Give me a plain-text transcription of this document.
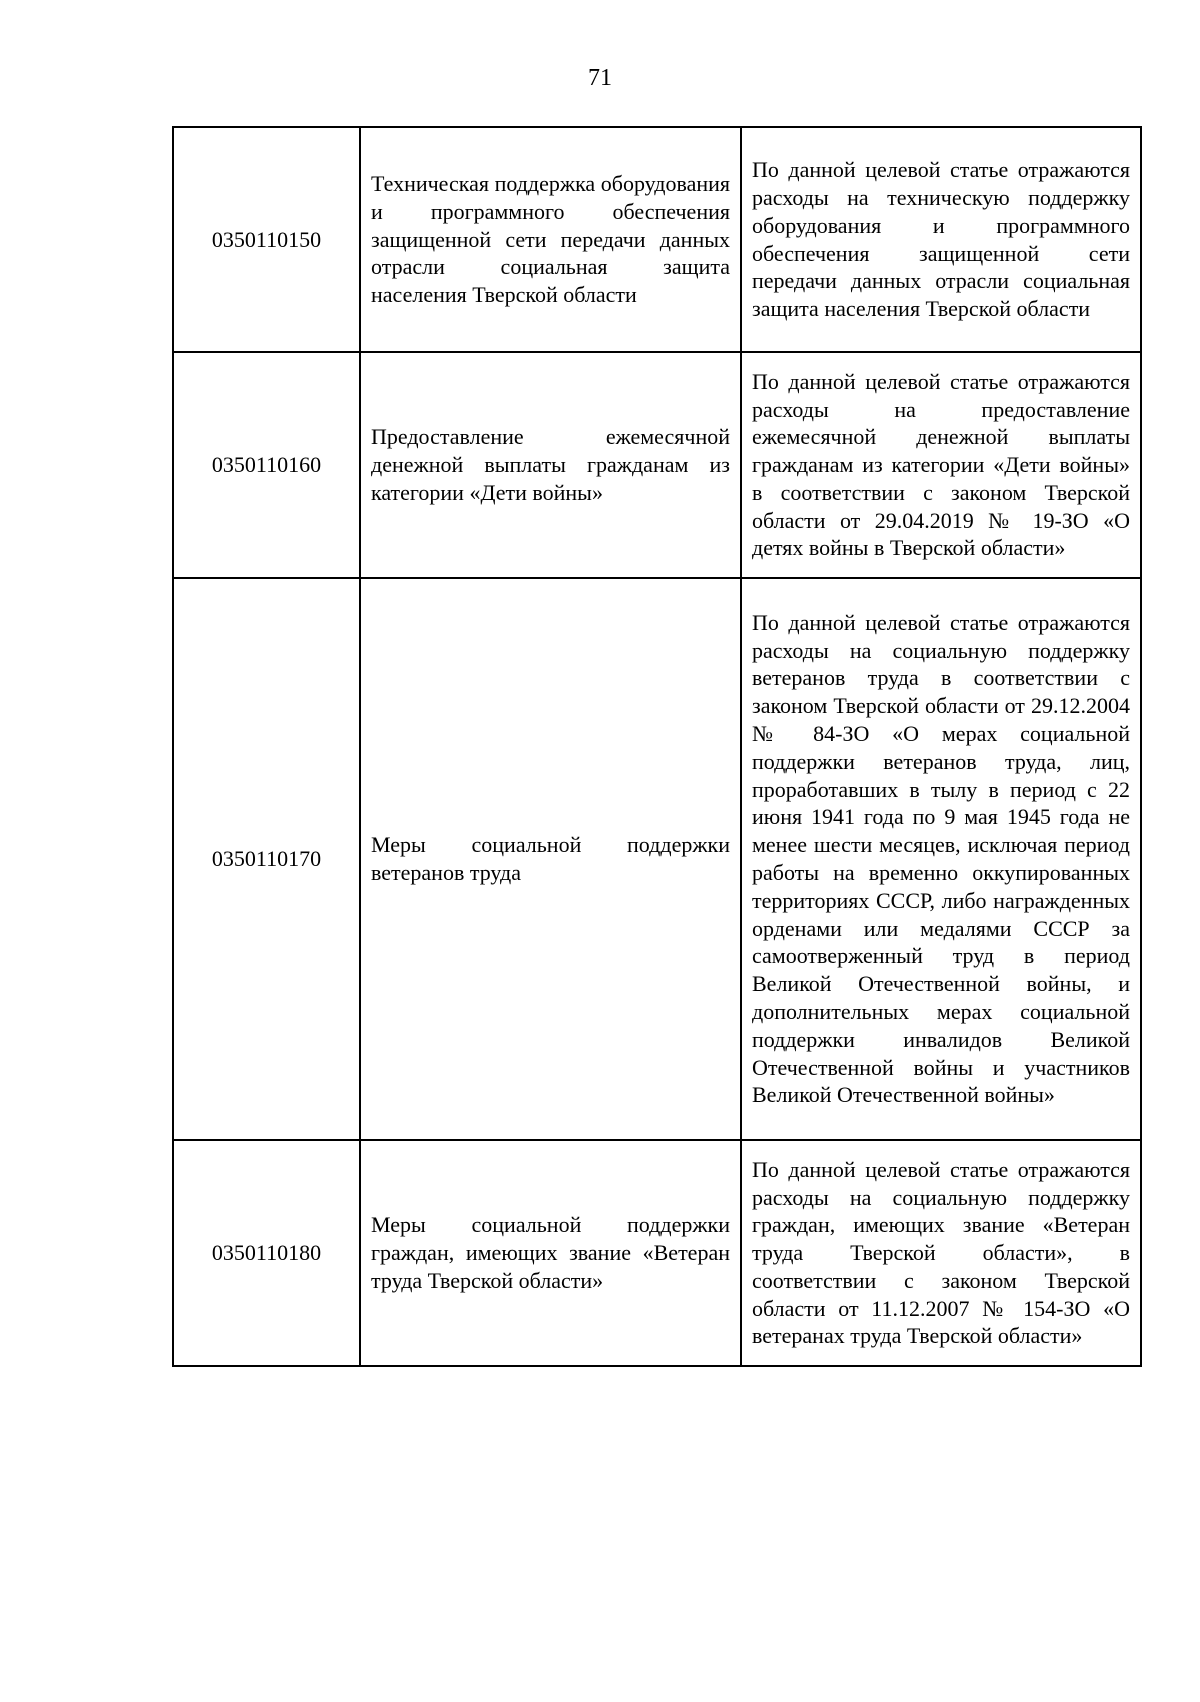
71
0350110150	Техническая поддержка оборудования и программного обеспечения защищенной сети передачи данных отрасли социальная защита населения Тверской области	По данной целевой статье отражаются расходы на техническую поддержку оборудования и программного обеспечения защищенной сети передачи данных отрасли социальная защита населения Тверской области
0350110160	Предоставление ежемесячной денежной выплаты гражданам из категории «Дети войны»	По данной целевой статье отражаются расходы на предоставление ежемесячной денежной выплаты гражданам из категории «Дети войны» в соответствии с законом Тверской области от 29.04.2019 № 19-ЗО «О детях войны в Тверской области»
0350110170	Меры социальной поддержки ветеранов труда	По данной целевой статье отражаются расходы на социальную поддержку ветеранов труда в соответствии с законом Тверской области от 29.12.2004 № 84-ЗО «О мерах социальной поддержки ветеранов труда, лиц, проработавших в тылу в период с 22 июня 1941 года по 9 мая 1945 года не менее шести месяцев, исключая период работы на временно оккупированных территориях СССР, либо награжденных орденами или медалями СССР за самоотверженный труд в период Великой Отечественной войны, и дополнительных мерах социальной поддержки инвалидов Великой Отечественной войны и участников Великой Отечественной войны»
0350110180	Меры социальной поддержки граждан, имеющих звание «Ветеран труда Тверской области»	По данной целевой статье отражаются расходы на социальную поддержку граждан, имеющих звание «Ветеран труда Тверской области», в соответствии с законом Тверской области от 11.12.2007 № 154-ЗО «О ветеранах труда Тверской области»
